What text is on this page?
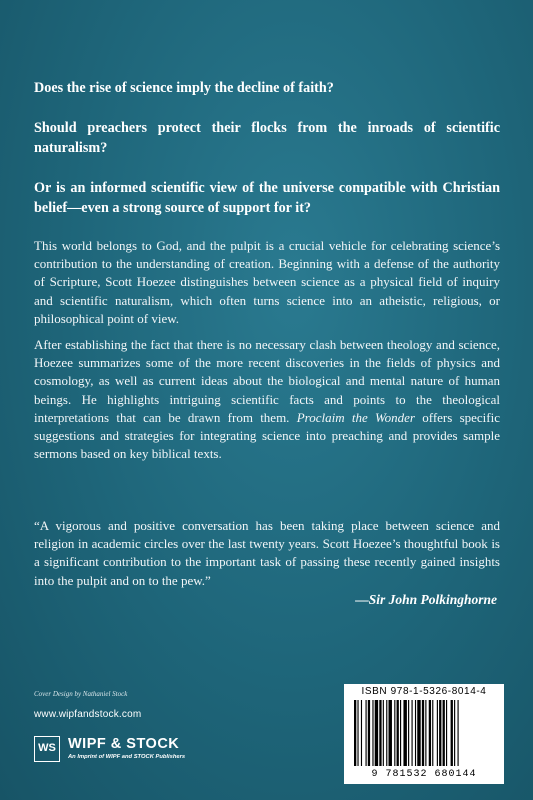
Does the rise of science imply the decline of faith?
Should preachers protect their flocks from the inroads of scientific naturalism?
Or is an informed scientific view of the universe compatible with Christian belief—even a strong source of support for it?
This world belongs to God, and the pulpit is a crucial vehicle for celebrating science’s contribution to the understanding of creation. Beginning with a defense of the authority of Scripture, Scott Hoezee distinguishes between science as a physical field of inquiry and scientific naturalism, which often turns science into an atheistic, religious, or philosophical point of view.
After establishing the fact that there is no necessary clash between theology and science, Hoezee summarizes some of the more recent discoveries in the fields of physics and cosmology, as well as current ideas about the biological and mental nature of human beings. He highlights intriguing scientific facts and points to the theological interpretations that can be drawn from them. Proclaim the Wonder offers specific suggestions and strategies for integrating science into preaching and provides sample sermons based on key biblical texts.
“A vigorous and positive conversation has been taking place between science and religion in academic circles over the last twenty years. Scott Hoezee’s thoughtful book is a significant contribution to the important task of passing these recently gained insights into the pulpit and on to the pew.”
—Sir John Polkinghorne
Cover Design by Nathaniel Stock
www.wipfandstock.com
WS WIPF & STOCK
An Imprint of WIPF and STOCK Publishers
ISBN 978-1-5326-8014-4
9 781532 680144
